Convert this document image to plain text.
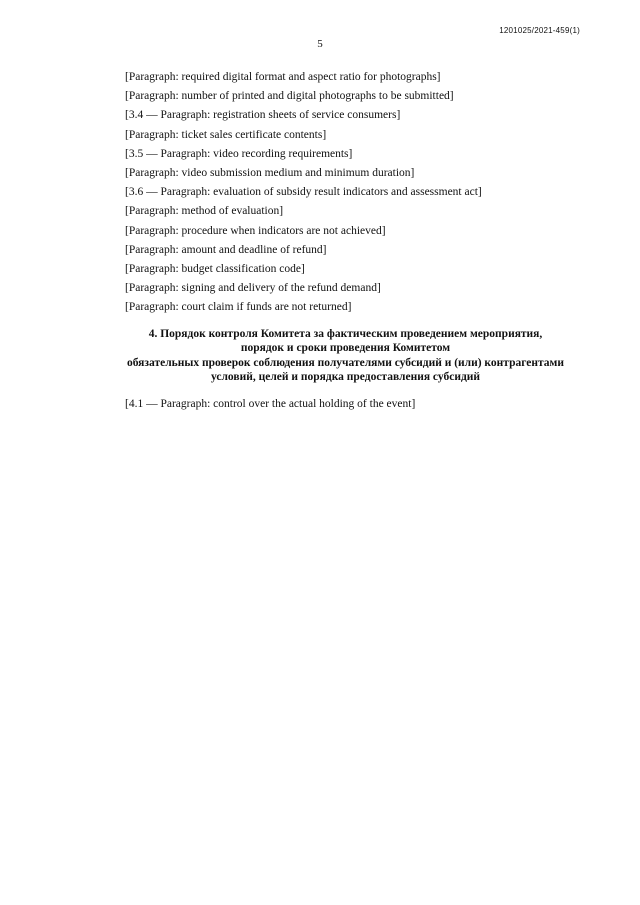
1201025/2021-459(1)
5

[Paragraph: required digital format and aspect ratio for photographs]

[Paragraph: number of printed and digital photographs to be submitted]

[3.4 — Paragraph: registration sheets of service consumers]

[Paragraph: ticket sales certificate contents]

[3.5 — Paragraph: video recording requirements]

[Paragraph: video submission medium and minimum duration]

[3.6 — Paragraph: evaluation of subsidy result indicators and assessment act]

[Paragraph: method of evaluation]

[Paragraph: procedure when indicators are not achieved]

[Paragraph: amount and deadline of refund]

[Paragraph: budget classification code]

[Paragraph: signing and delivery of the refund demand]

[Paragraph: court claim if funds are not returned]

4. Порядок контроля Комитета за фактическим проведением мероприятия,
порядок и сроки проведения Комитетом
обязательных проверок соблюдения получателями субсидий и (или) контрагентами
условий, целей и порядка предоставления субсидий

[4.1 — Paragraph: control over the actual holding of the event]
